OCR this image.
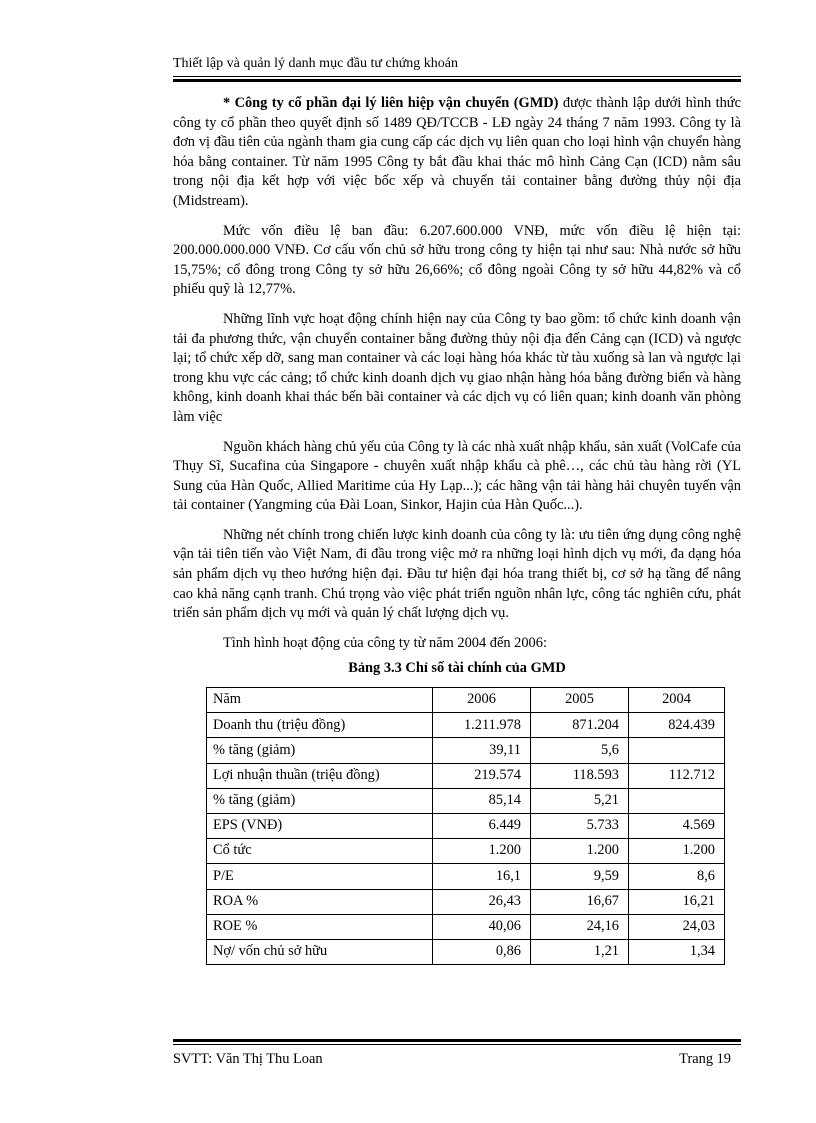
Thiết lập và quản lý danh mục đầu tư chứng khoán

* Công ty cổ phần đại lý liên hiệp vận chuyển (GMD) được thành lập dưới hình thức công ty cổ phần theo quyết định số 1489 QĐ/TCCB - LĐ ngày 24 tháng 7 năm 1993. Công ty là đơn vị đầu tiên của ngành tham gia cung cấp các dịch vụ liên quan cho loại hình vận chuyển hàng hóa bằng container. Từ năm 1995 Công ty bắt đầu khai thác mô hình Cảng Cạn (ICD) nằm sâu trong nội địa kết hợp với việc bốc xếp và chuyển tải container bằng đường thủy nội địa (Midstream).

Mức vốn điều lệ ban đầu: 6.207.600.000 VNĐ, mức vốn điều lệ hiện tại: 200.000.000.000 VNĐ. Cơ cấu vốn chủ sở hữu trong công ty hiện tại như sau: Nhà nước sở hữu 15,75%; cổ đông trong Công ty sở hữu 26,66%; cổ đông ngoài Công ty sở hữu 44,82% và cổ phiếu quỹ là 12,77%.

Những lĩnh vực hoạt động chính hiện nay của Công ty bao gồm: tổ chức kinh doanh vận tải đa phương thức, vận chuyển container bằng đường thủy nội địa đến Cảng cạn (ICD) và ngược lại; tổ chức xếp dỡ, sang man container và các loại hàng hóa khác từ tàu xuống sà lan và ngược lại trong khu vực các cảng; tổ chức kinh doanh dịch vụ giao nhận hàng hóa bằng đường biển và hàng không, kinh doanh khai thác bến bãi container và các dịch vụ có liên quan; kinh doanh văn phòng làm việc

Nguồn khách hàng chủ yếu của Công ty là các nhà xuất nhập khẩu, sản xuất (VolCafe của Thụy Sĩ, Sucafina của Singapore - chuyên xuất nhập khẩu cà phê…, các chủ tàu hàng rời (YL Sung của Hàn Quốc, Allied Maritime của Hy Lạp...); các hãng vận tải hàng hải chuyên tuyến vận tải container (Yangming của Đài Loan, Sinkor, Hajin của Hàn Quốc...).

Những nét chính trong chiến lược kinh doanh của công ty là: ưu tiên ứng dụng công nghệ vận tải tiên tiến vào Việt Nam, đi đầu trong việc mở ra những loại hình dịch vụ mới, đa dạng hóa sản phẩm dịch vụ theo hướng hiện đại. Đầu tư hiện đại hóa trang thiết bị, cơ sở hạ tầng để nâng cao khả năng cạnh tranh. Chú trọng vào việc phát triển nguồn nhân lực, công tác nghiên cứu, phát triển sản phẩm dịch vụ mới và quản lý chất lượng dịch vụ.

Tình hình hoạt động của công ty từ năm 2004 đến 2006:

Bảng 3.3 Chỉ số tài chính của GMD
Năm	2006	2005	2004
Doanh thu (triệu đồng)	1.211.978	871.204	824.439
% tăng (giảm)	39,11	5,6	
Lợi nhuận thuần (triệu đồng)	219.574	118.593	112.712
% tăng (giảm)	85,14	5,21	
EPS (VNĐ)	6.449	5.733	4.569
Cổ tức	1.200	1.200	1.200
P/E	16,1	9,59	8,6
ROA %	26,43	16,67	16,21
ROE %	40,06	24,16	24,03
Nợ/ vốn chủ sở hữu	0,86	1,21	1,34
SVTT: Văn Thị Thu Loan	Trang 19
